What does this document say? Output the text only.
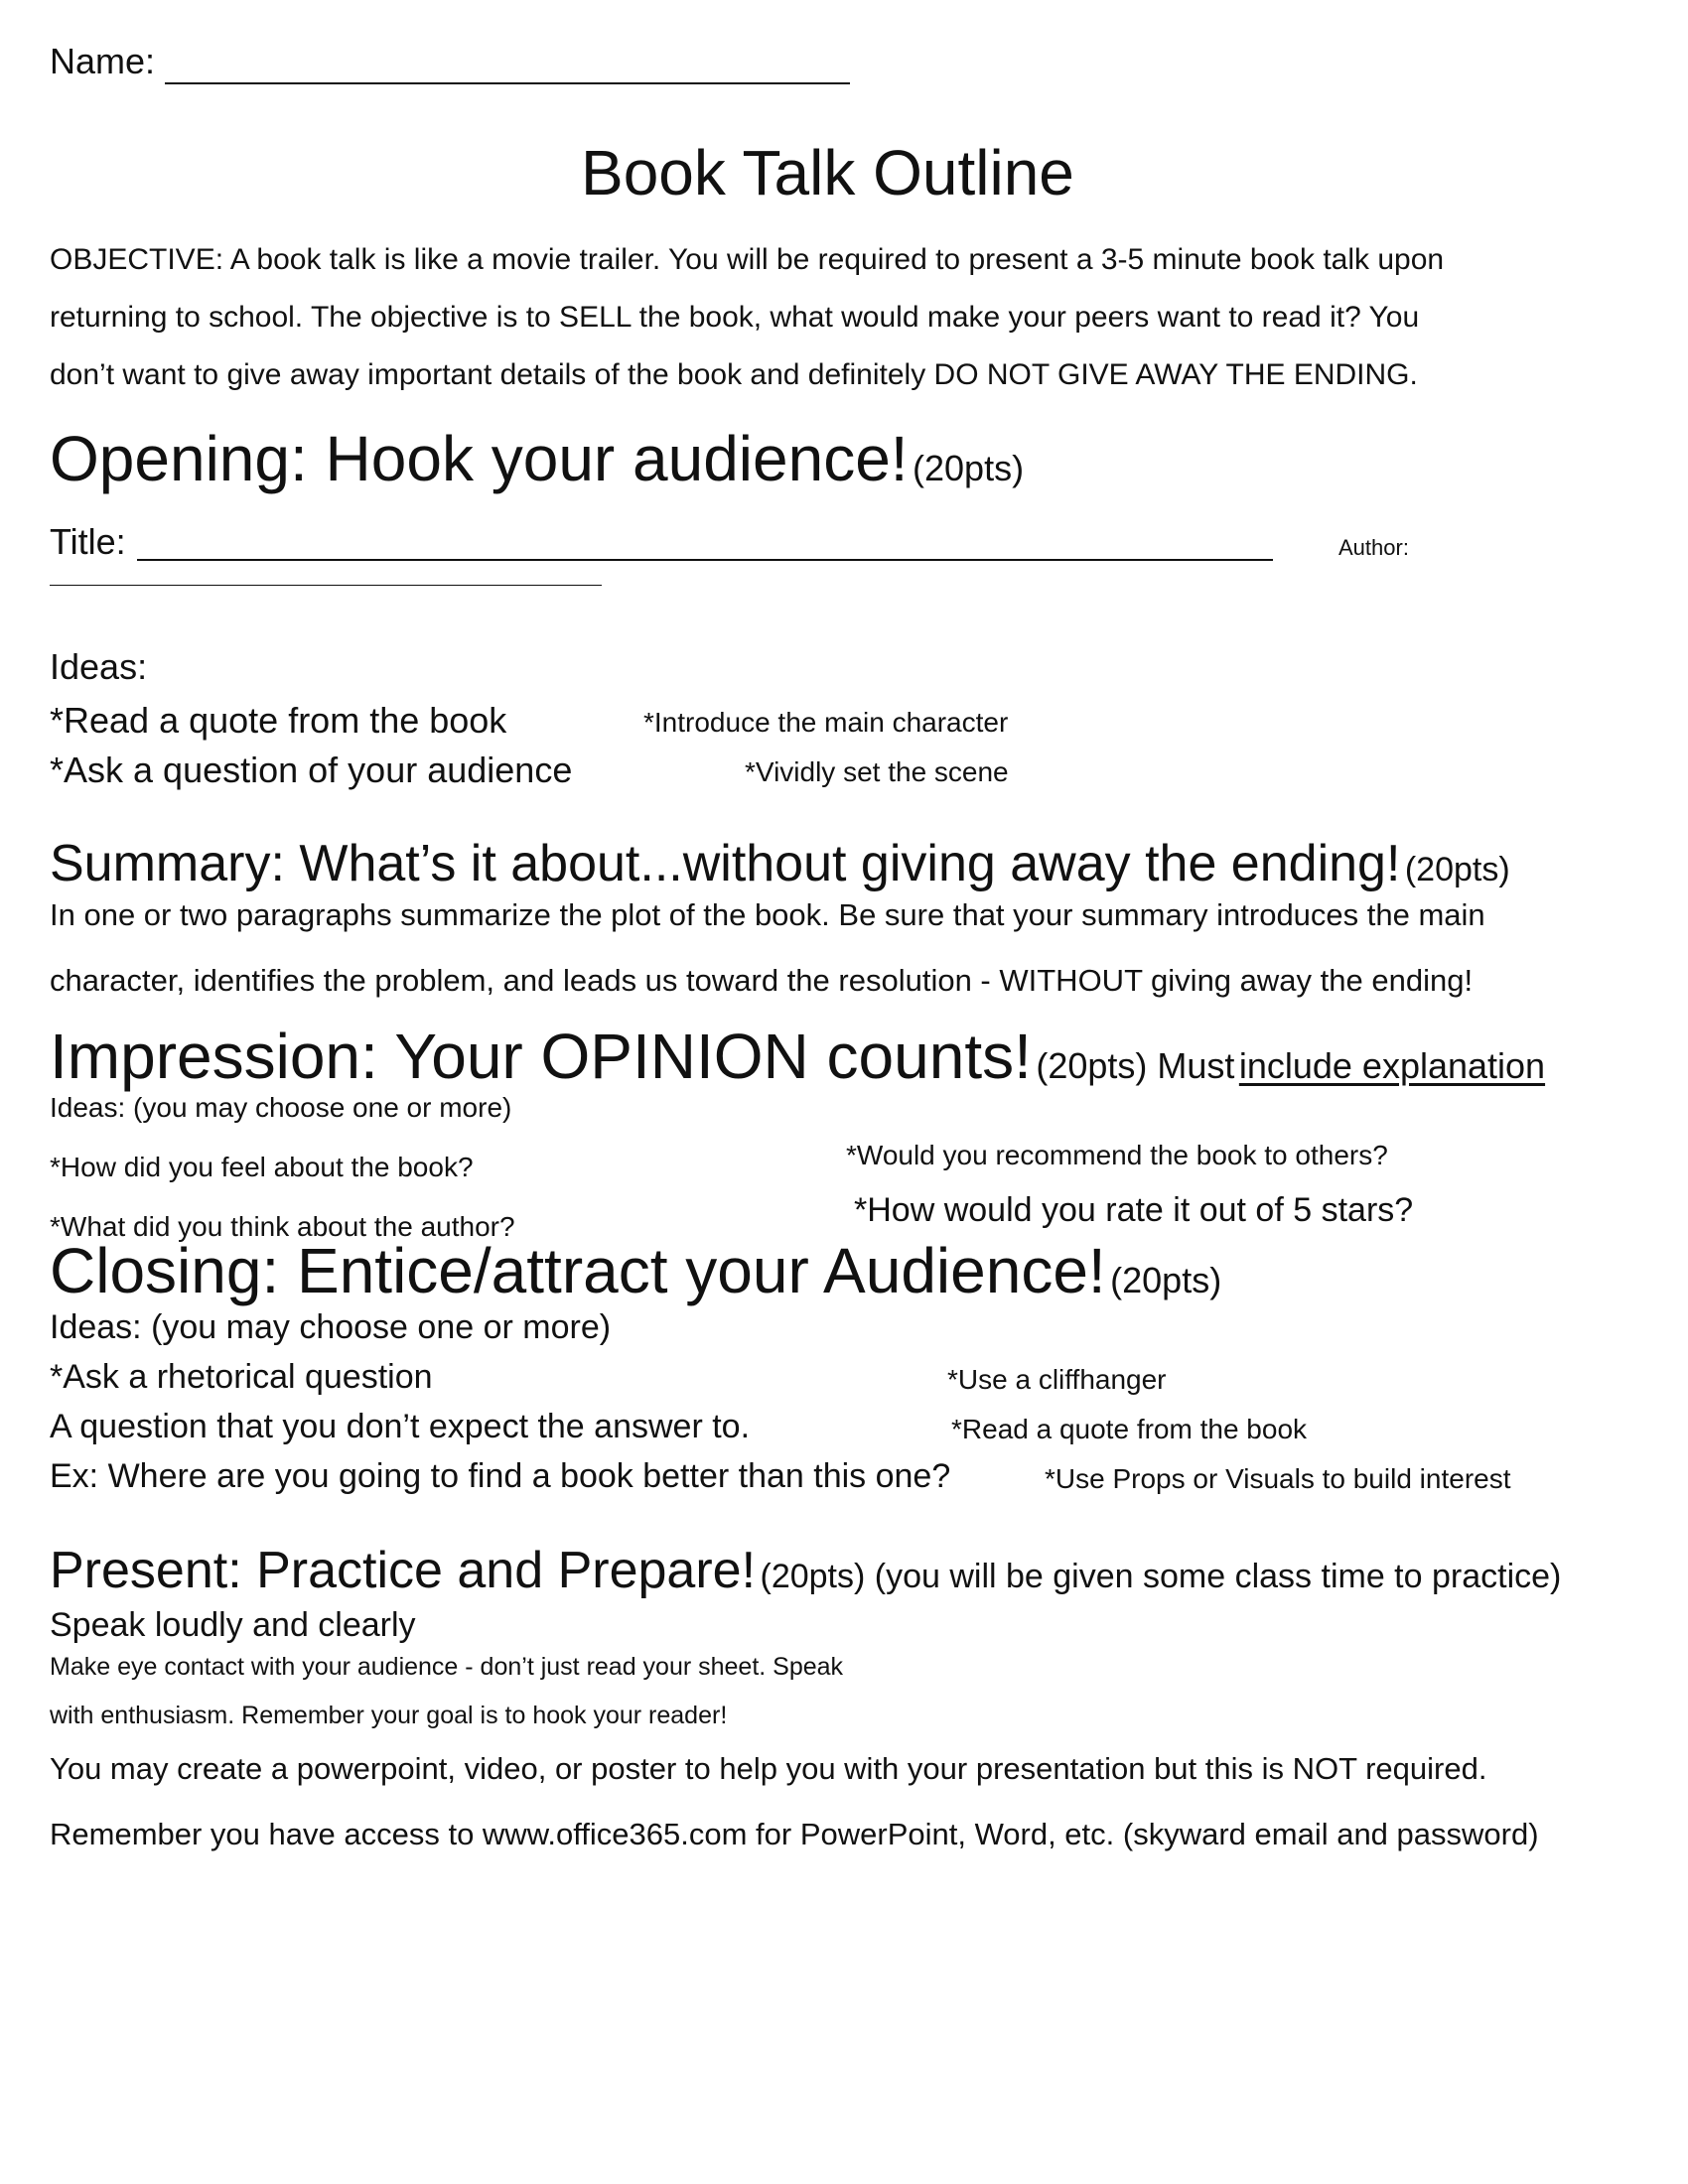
Name:
Book Talk Outline
OBJECTIVE: A book talk is like a movie trailer. You will be required to present a 3-5 minute book talk upon
returning to school. The objective is to SELL the book, what would make your peers want to read it? You
don’t want to give away important details of the book and definitely DO NOT GIVE AWAY THE ENDING.
Opening: Hook your audience! (20pts)
Title:	Author:
Ideas:
*Read a quote from the book	*Introduce the main character
*Ask a question of your audience	*Vividly set the scene
Summary: What’s it about...without giving away the ending! (20pts)
In one or two paragraphs summarize the plot of the book. Be sure that your summary introduces the main
character, identifies the problem, and leads us toward the resolution - WITHOUT giving away the ending!
Impression: Your OPINION counts! (20pts) Must include explanation
Ideas: (you may choose one or more)
*How did you feel about the book?	*Would you recommend the book to others?
*What did you think about the author?	*How would you rate it out of 5 stars?
Closing: Entice/attract your Audience! (20pts)
Ideas: (you may choose one or more)
*Ask a rhetorical question	*Use a cliffhanger
A question that you don’t expect the answer to.	*Read a quote from the book
Ex: Where are you going to find a book better than this one?	*Use Props or Visuals to build interest
Present: Practice and Prepare! (20pts) (you will be given some class time to practice)
Speak loudly and clearly
Make eye contact with your audience - don’t just read your sheet. Speak
with enthusiasm. Remember your goal is to hook your reader!
You may create a powerpoint, video, or poster to help you with your presentation but this is NOT required.
Remember you have access to www.office365.com for PowerPoint, Word, etc. (skyward email and password)
